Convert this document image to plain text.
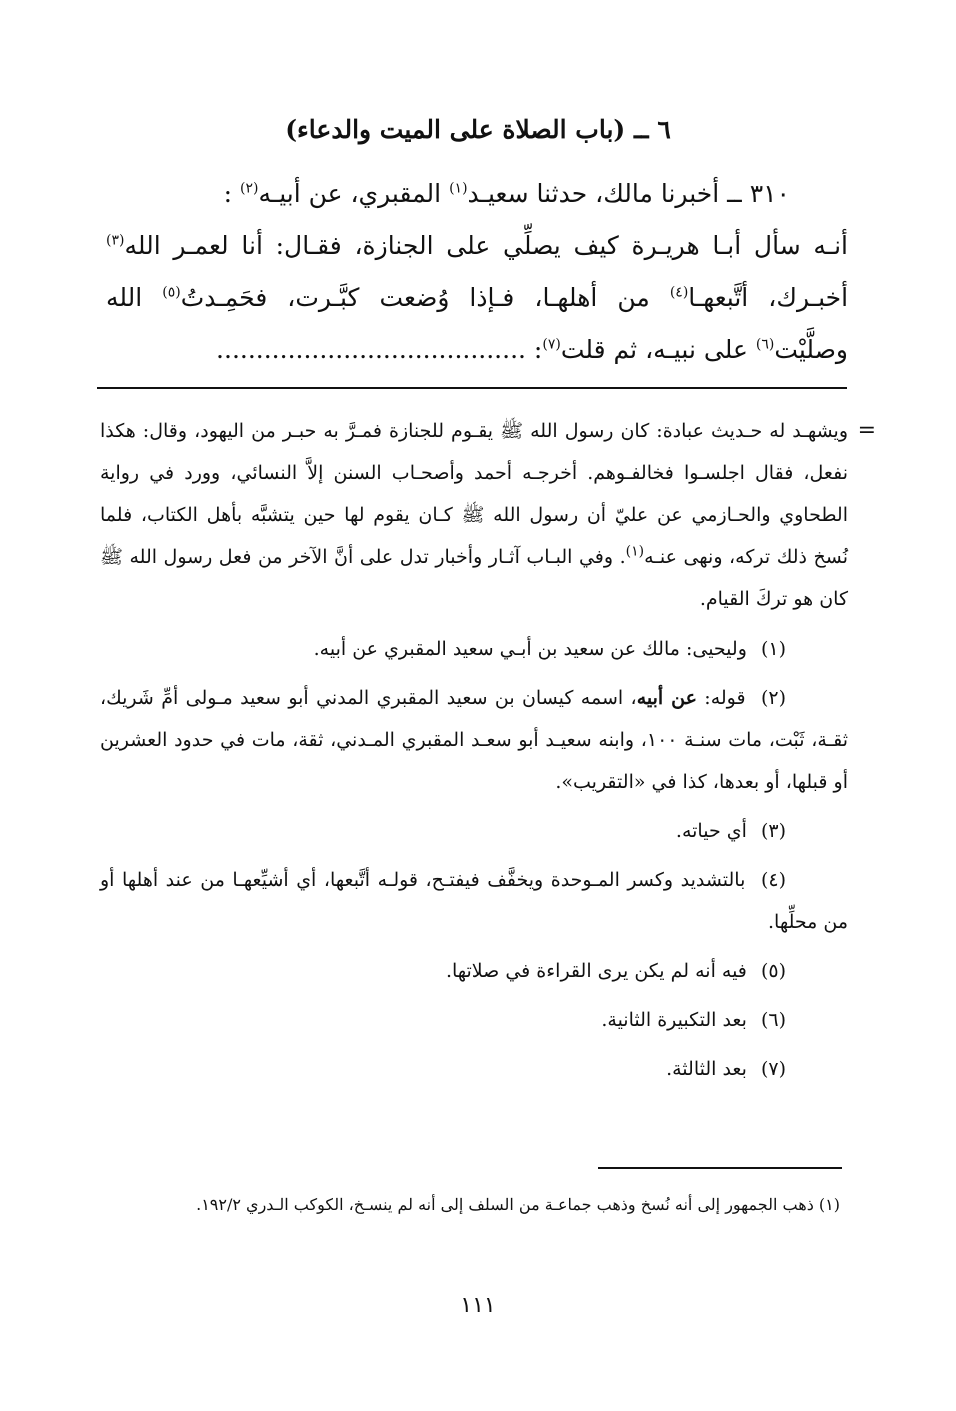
٦ ــ (باب الصلاة على الميت والدعاء)
٣١٠ ــ أخبرنا مالك، حدثنا سعيـد$^{(١)}$ المقبري، عن أبيـه$^{(٢)}$ :
أنـه سأل أبـا هريـرة كيف يصلِّي على الجنازة، فقـال: أنا لعمـر الله$^{(٣)}$
أخبـرك، أتَّبعهـا$^{(٤)}$ من أهلهـا، فـإذا وُضعت كبَّـرت، فحَمِـدتُ$^{(٥)}$ الله
وصلَّيْت$^{(٦)}$ على نبيـه، ثم قلت$^{(٧)}$: .......................................
=
ويشهـد له حـديث عبادة: كان رسول الله ﷺ يقـوم للجنازة فمـرَّ به حبـر من اليهود، وقال: هكذا نفعل، فقال اجلسـوا فخالفـوهم. أخرجـه أحمد وأصحـاب السنن إلاَّ النسائي، وورد في رواية الطحاوي والحـازمي عن عليّ أن رسول الله ﷺ كـان يقوم لها حين يتشبَّه بأهل الكتاب، فلما نُسخ ذلك تركه، ونهى عنـه$^{(١)}$. وفي البـاب آثـار وأخبار تدل على أنَّ الآخر من فعل رسول الله ﷺ كان هو تركَ القيام.
(١) وليحيى: مالك عن سعيد بن أبـي سعيد المقبري عن أبيه.
(٢) قوله: عن أبيه، اسمه كيسان بن سعيد المقبري المدني أبو سعيد مـولى أمِّ شَريك، ثقـة، ثَبْت، مات سنـة ١٠٠، وابنه سعيـد أبو سعـد المقبري المـدني، ثقة، مات في حدود العشرين أو قبلها، أو بعدها، كذا في «التقريب».
(٣) أي حياته.
(٤) بالتشديد وكسر المـوحدة ويخفَّف فيفتـح، قولـه أتَّبعها، أي أشيِّعهـا من عند أهلها أو من محلِّها.
(٥) فيه أنه لم يكن يرى القراءة في صلاتها.
(٦) بعد التكبيرة الثانية.
(٧) بعد الثالثة.
(١) ذهب الجمهور إلى أنه نُسخ وذهب جماعـة من السلف إلى أنه لم ينسـخ، الكوكب الـدري ١٩٢/٢.
١١١
